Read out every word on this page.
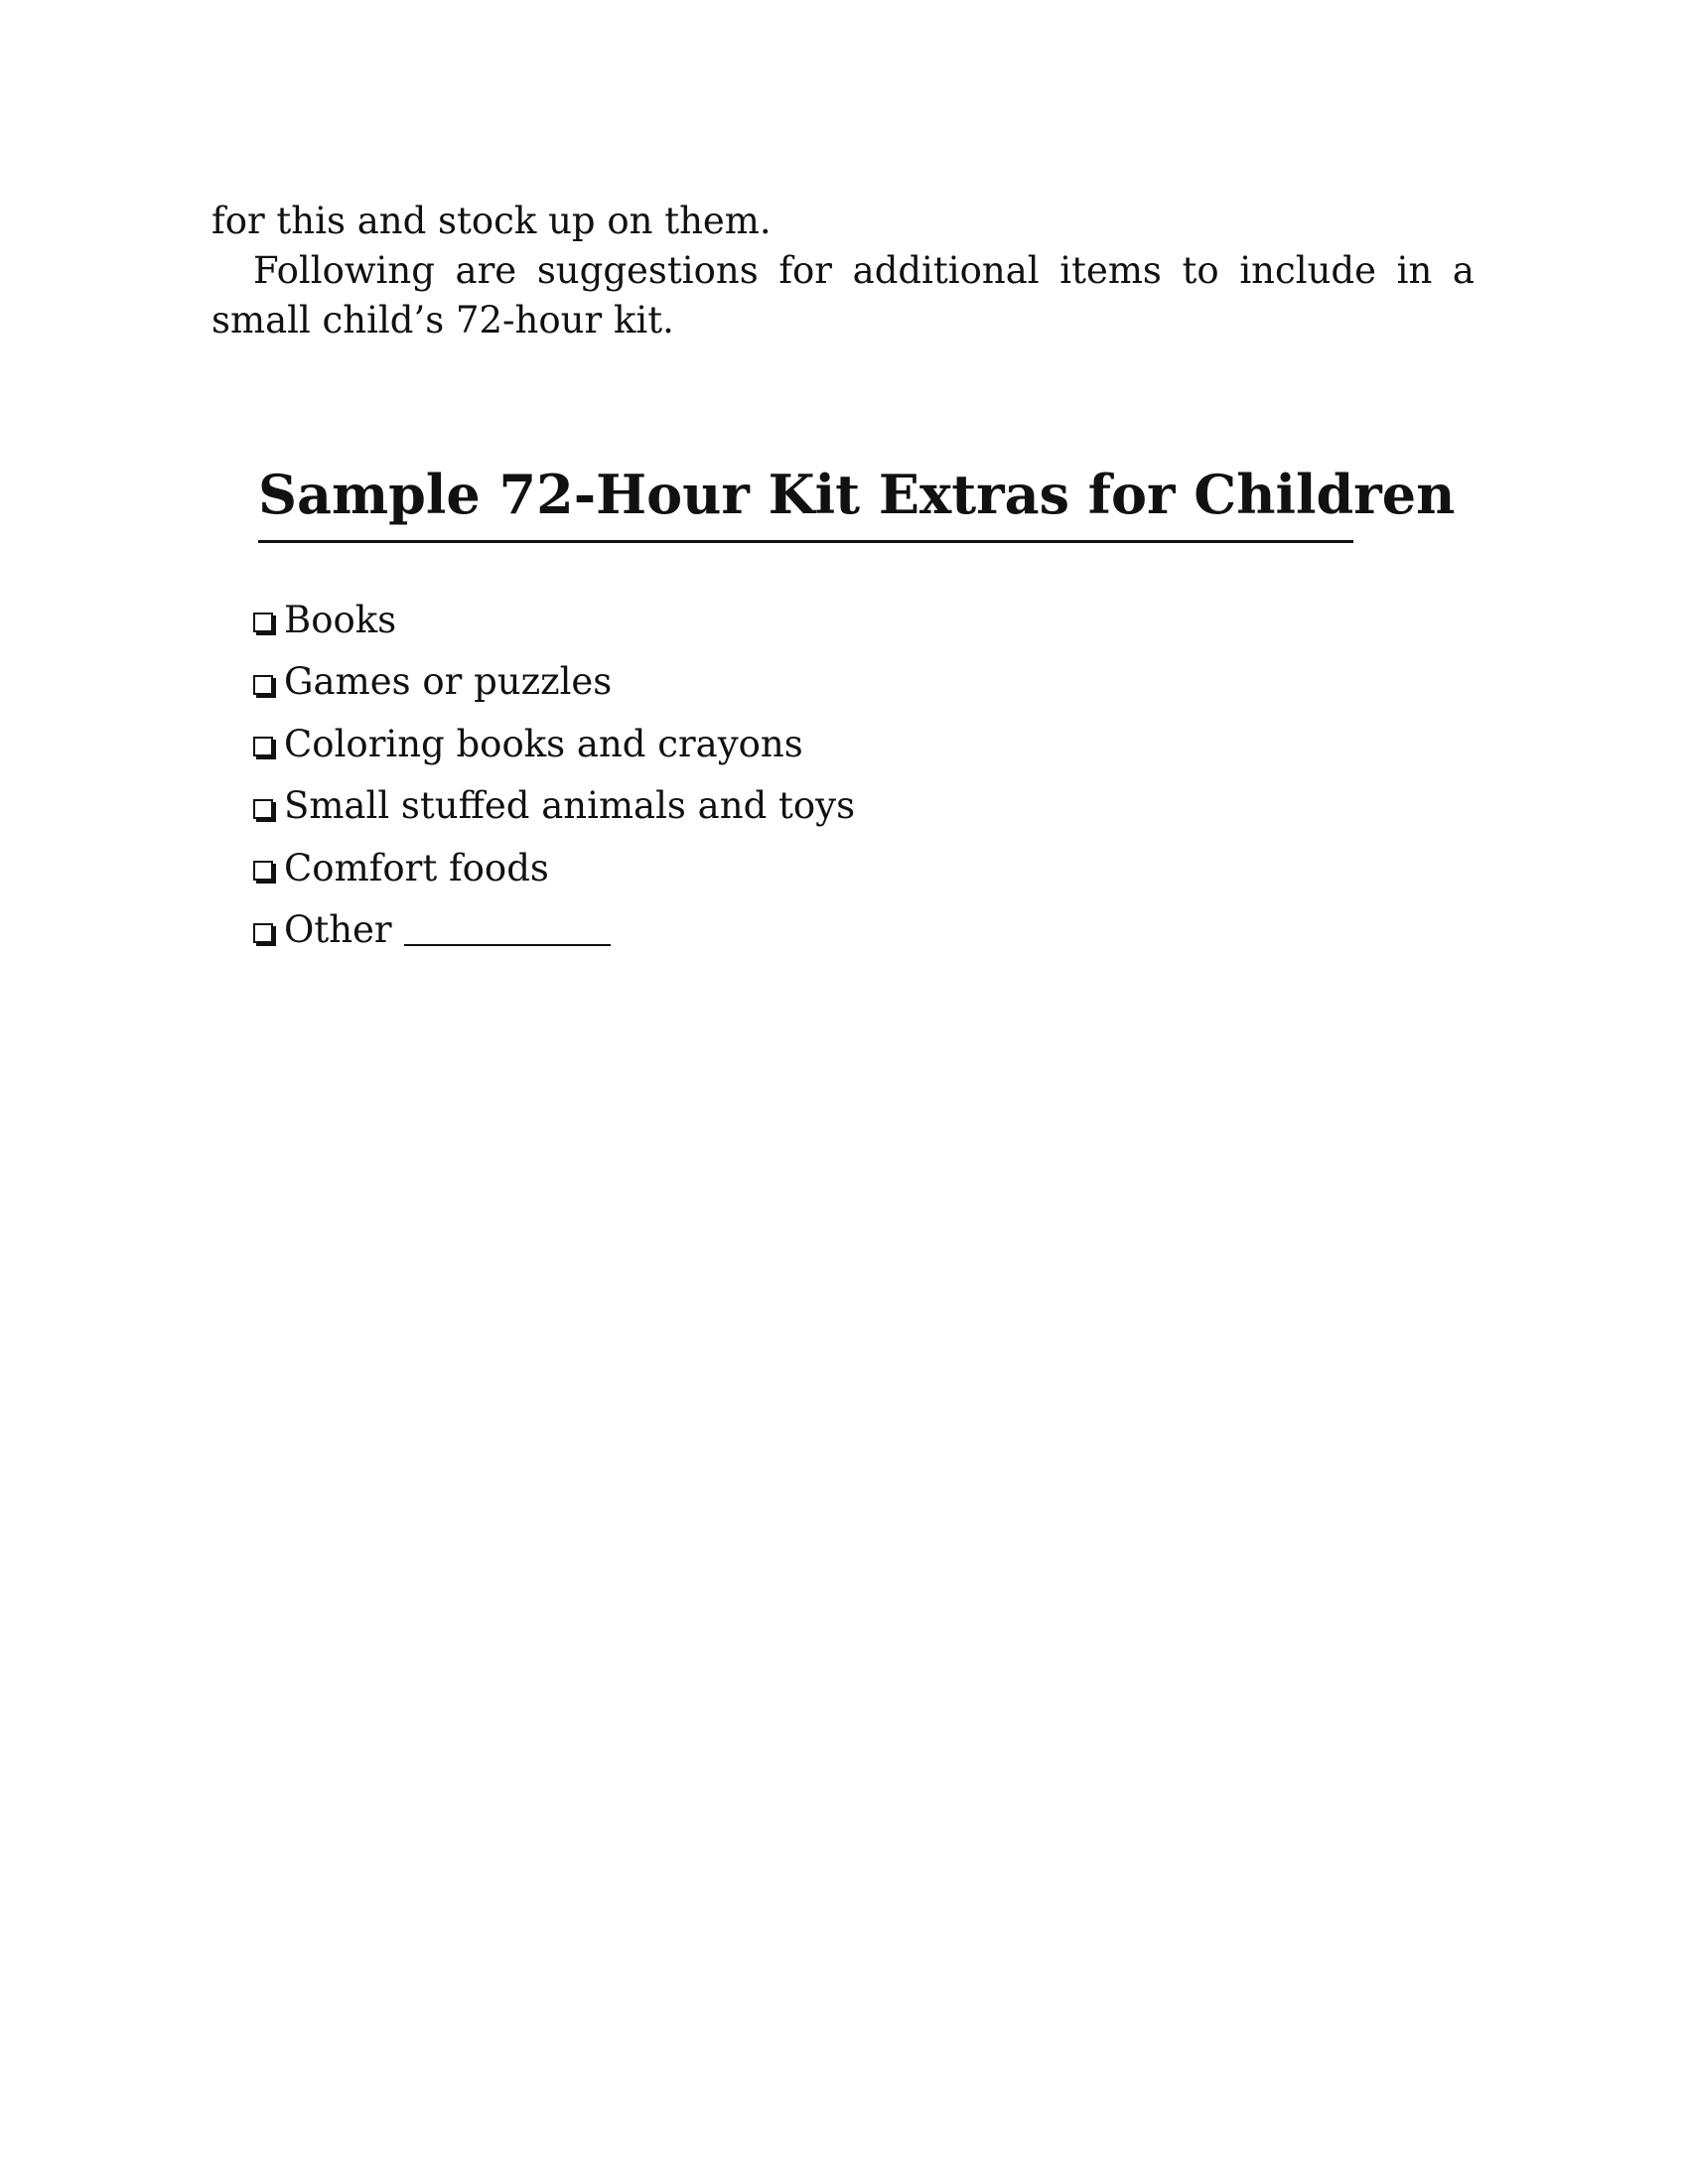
for this and stock up on them.

Following are suggestions for additional items to include in a small child’s 72-hour kit.

Sample 72-Hour Kit Extras for Children
Books
Games or puzzles
Coloring books and crayons
Small stuffed animals and toys
Comfort foods
Other
